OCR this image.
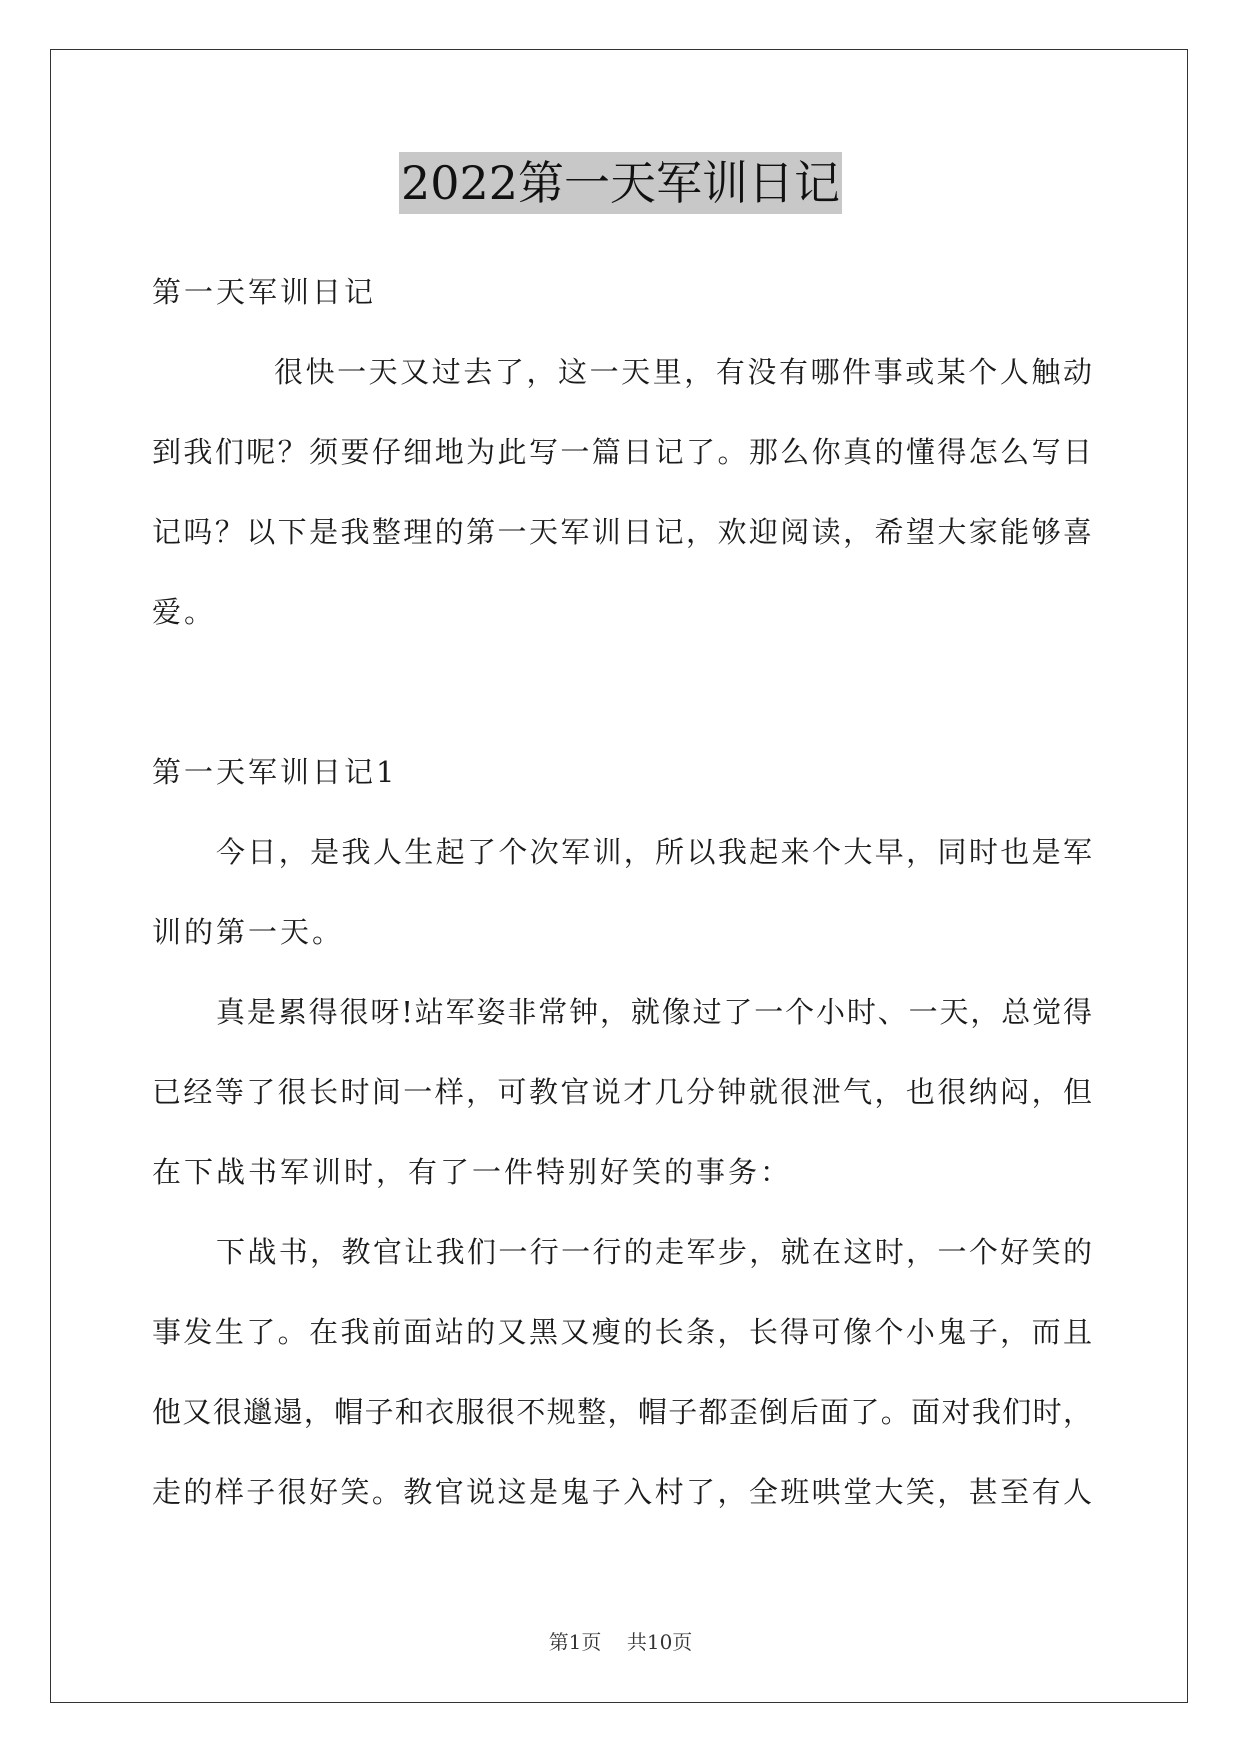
2022第一天军训日记
第一天军训日记
很快一天又过去了，这一天里，有没有哪件事或某个人触动
到我们呢？须要仔细地为此写一篇日记了。那么你真的懂得怎么写日
记吗？以下是我整理的第一天军训日记，欢迎阅读，希望大家能够喜
爱。
第一天军训日记1
今日，是我人生起了个次军训，所以我起来个大早，同时也是军
训的第一天。
真是累得很呀!站军姿非常钟，就像过了一个小时、一天，总觉得
已经等了很长时间一样，可教官说才几分钟就很泄气，也很纳闷，但
在下战书军训时，有了一件特别好笑的事务：
下战书，教官让我们一行一行的走军步，就在这时，一个好笑的
事发生了。在我前面站的又黑又瘦的长条，长得可像个小鬼子，而且
他又很邋遢，帽子和衣服很不规整，帽子都歪倒后面了。面对我们时，
走的样子很好笑。教官说这是鬼子入村了，全班哄堂大笑，甚至有人
第1页 共10页
